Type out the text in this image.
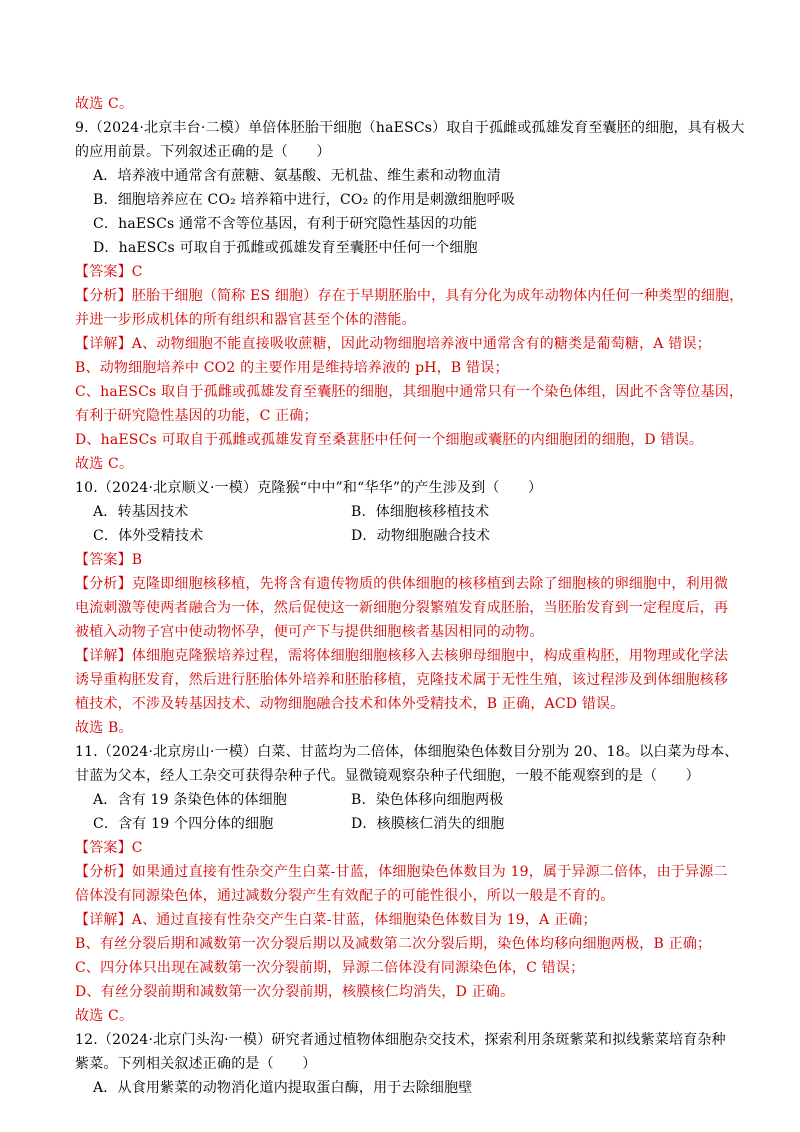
故选 C。
9.（2024·北京丰台·二模）单倍体胚胎干细胞（haESCs）取自于孤雌或孤雄发育至囊胚的细胞，具有极大
的应用前景。下列叙述正确的是（　　）
A．培养液中通常含有蔗糖、氨基酸、无机盐、维生素和动物血清
B．细胞培养应在 CO₂ 培养箱中进行，CO₂ 的作用是刺激细胞呼吸
C．haESCs 通常不含等位基因，有利于研究隐性基因的功能
D．haESCs 可取自于孤雌或孤雄发育至囊胚中任何一个细胞
【答案】C
【分析】胚胎干细胞（简称 ES 细胞）存在于早期胚胎中，具有分化为成年动物体内任何一种类型的细胞，
并进一步形成机体的所有组织和器官甚至个体的潜能。
【详解】A、动物细胞不能直接吸收蔗糖，因此动物细胞培养液中通常含有的糖类是葡萄糖，A 错误；
B、动物细胞培养中 CO2 的主要作用是维持培养液的 pH，B 错误；
C、haESCs 取自于孤雌或孤雄发育至囊胚的细胞，其细胞中通常只有一个染色体组，因此不含等位基因，
有利于研究隐性基因的功能，C 正确；
D、haESCs 可取自于孤雌或孤雄发育至桑葚胚中任何一个细胞或囊胚的内细胞团的细胞，D 错误。
故选 C。
10.（2024·北京顺义·一模）克隆猴“中中”和“华华”的产生涉及到（　　）
A．转基因技术	B．体细胞核移植技术
C．体外受精技术	D．动物细胞融合技术
【答案】B
【分析】克隆即细胞核移植，先将含有遗传物质的供体细胞的核移植到去除了细胞核的卵细胞中，利用微
电流刺激等使两者融合为一体，然后促使这一新细胞分裂繁殖发育成胚胎，当胚胎发育到一定程度后，再
被植入动物子宫中使动物怀孕，便可产下与提供细胞核者基因相同的动物。
【详解】体细胞克隆猴培养过程，需将体细胞细胞核移入去核卵母细胞中，构成重构胚，用物理或化学法
诱导重构胚发育，然后进行胚胎体外培养和胚胎移植，克隆技术属于无性生殖，该过程涉及到体细胞核移
植技术，不涉及转基因技术、动物细胞融合技术和体外受精技术，B 正确，ACD 错误。
故选 B。
11.（2024·北京房山·一模）白菜、甘蓝均为二倍体，体细胞染色体数目分别为 20、18。以白菜为母本、
甘蓝为父本，经人工杂交可获得杂种子代。显微镜观察杂种子代细胞，一般不能观察到的是（　　）
A．含有 19 条染色体的体细胞	B．染色体移向细胞两极
C．含有 19 个四分体的细胞	D．核膜核仁消失的细胞
【答案】C
【分析】如果通过直接有性杂交产生白菜-甘蓝，体细胞染色体数目为 19，属于异源二倍体，由于异源二
倍体没有同源染色体，通过减数分裂产生有效配子的可能性很小，所以一般是不育的。
【详解】A、通过直接有性杂交产生白菜-甘蓝，体细胞染色体数目为 19，A 正确；
B、有丝分裂后期和减数第一次分裂后期以及减数第二次分裂后期，染色体均移向细胞两极，B 正确；
C、四分体只出现在减数第一次分裂前期，异源二倍体没有同源染色体，C 错误；
D、有丝分裂前期和减数第一次分裂前期，核膜核仁均消失，D 正确。
故选 C。
12.（2024·北京门头沟·一模）研究者通过植物体细胞杂交技术，探索利用条斑紫菜和拟线紫菜培育杂种
紫菜。下列相关叙述正确的是（　　）
A．从食用紫菜的动物消化道内提取蛋白酶，用于去除细胞壁
